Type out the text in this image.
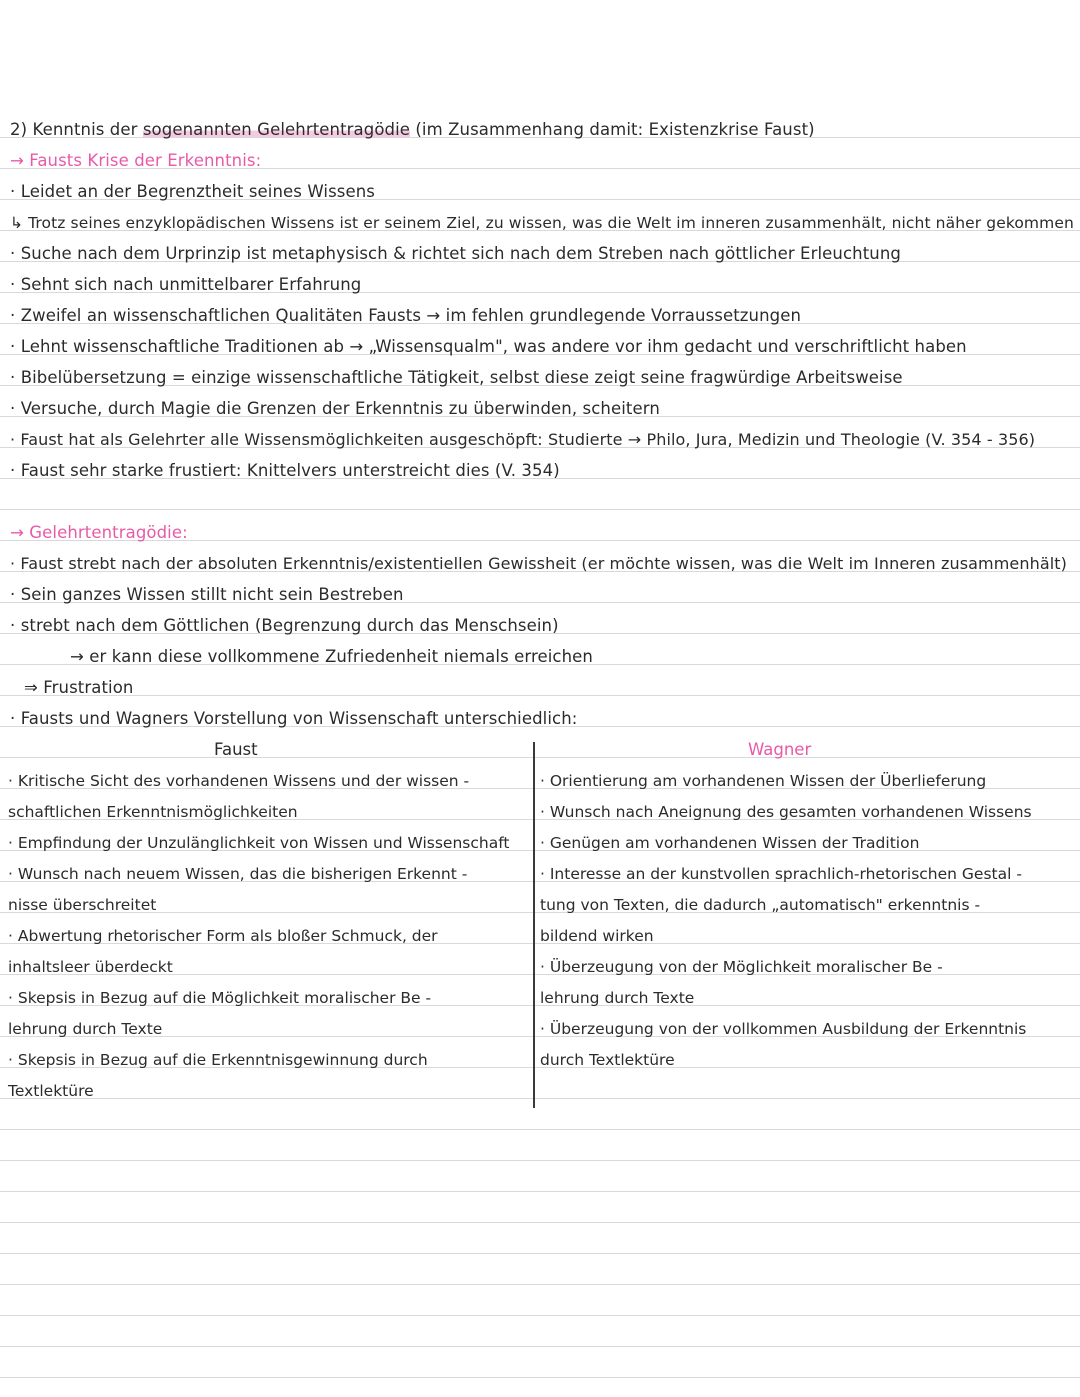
2) Kenntnis der sogenannten Gelehrtentragödie (im Zusammenhang damit: Existenzkrise Faust)
→ Fausts Krise der Erkenntnis:
· Leidet an der Begrenztheit seines Wissens
↳ Trotz seines enzyklopädischen Wissens ist er seinem Ziel, zu wissen, was die Welt im inneren zusammenhält, nicht näher gekommen
· Suche nach dem Urprinzip ist metaphysisch & richtet sich nach dem Streben nach göttlicher Erleuchtung
· Sehnt sich nach unmittelbarer Erfahrung
· Zweifel an wissenschaftlichen Qualitäten Fausts → im fehlen grundlegende Vorraussetzungen
· Lehnt wissenschaftliche Traditionen ab → „Wissensqualm", was andere vor ihm gedacht und verschriftlicht haben
· Bibelübersetzung = einzige wissenschaftliche Tätigkeit, selbst diese zeigt seine fragwürdige Arbeitsweise
· Versuche, durch Magie die Grenzen der Erkenntnis zu überwinden, scheitern
· Faust hat als Gelehrter alle Wissensmöglichkeiten ausgeschöpft: Studierte → Philo, Jura, Medizin und Theologie (V. 354 - 356)
· Faust sehr starke frustiert: Knittelvers unterstreicht dies (V. 354)
→ Gelehrtentragödie:
· Faust strebt nach der absoluten Erkenntnis/existentiellen Gewissheit (er möchte wissen, was die Welt im Inneren zusammenhält)
· Sein ganzes Wissen stillt nicht sein Bestreben
· strebt nach dem Göttlichen (Begrenzung durch das Menschsein)
→ er kann diese vollkommene Zufriedenheit niemals erreichen
⇒ Frustration
· Fausts und Wagners Vorstellung von Wissenschaft unterschiedlich:
Faust	Wagner
· Kritische Sicht des vorhandenen Wissens und der wissen -
schaftlichen Erkenntnismöglichkeiten
· Empfindung der Unzulänglichkeit von Wissen und Wissenschaft
· Wunsch nach neuem Wissen, das die bisherigen Erkennt -
nisse überschreitet
· Abwertung rhetorischer Form als bloßer Schmuck, der
inhaltsleer überdeckt
· Skepsis in Bezug auf die Möglichkeit moralischer Be -
lehrung durch Texte
· Skepsis in Bezug auf die Erkenntnisgewinnung durch
Textlektüre
· Orientierung am vorhandenen Wissen der Überlieferung
· Wunsch nach Aneignung des gesamten vorhandenen Wissens
· Genügen am vorhandenen Wissen der Tradition
· Interesse an der kunstvollen sprachlich-rhetorischen Gestal -
tung von Texten, die dadurch „automatisch" erkenntnis -
bildend wirken
· Überzeugung von der Möglichkeit moralischer Be -
lehrung durch Texte
· Überzeugung von der vollkommen Ausbildung der Erkenntnis
durch Textlektüre
